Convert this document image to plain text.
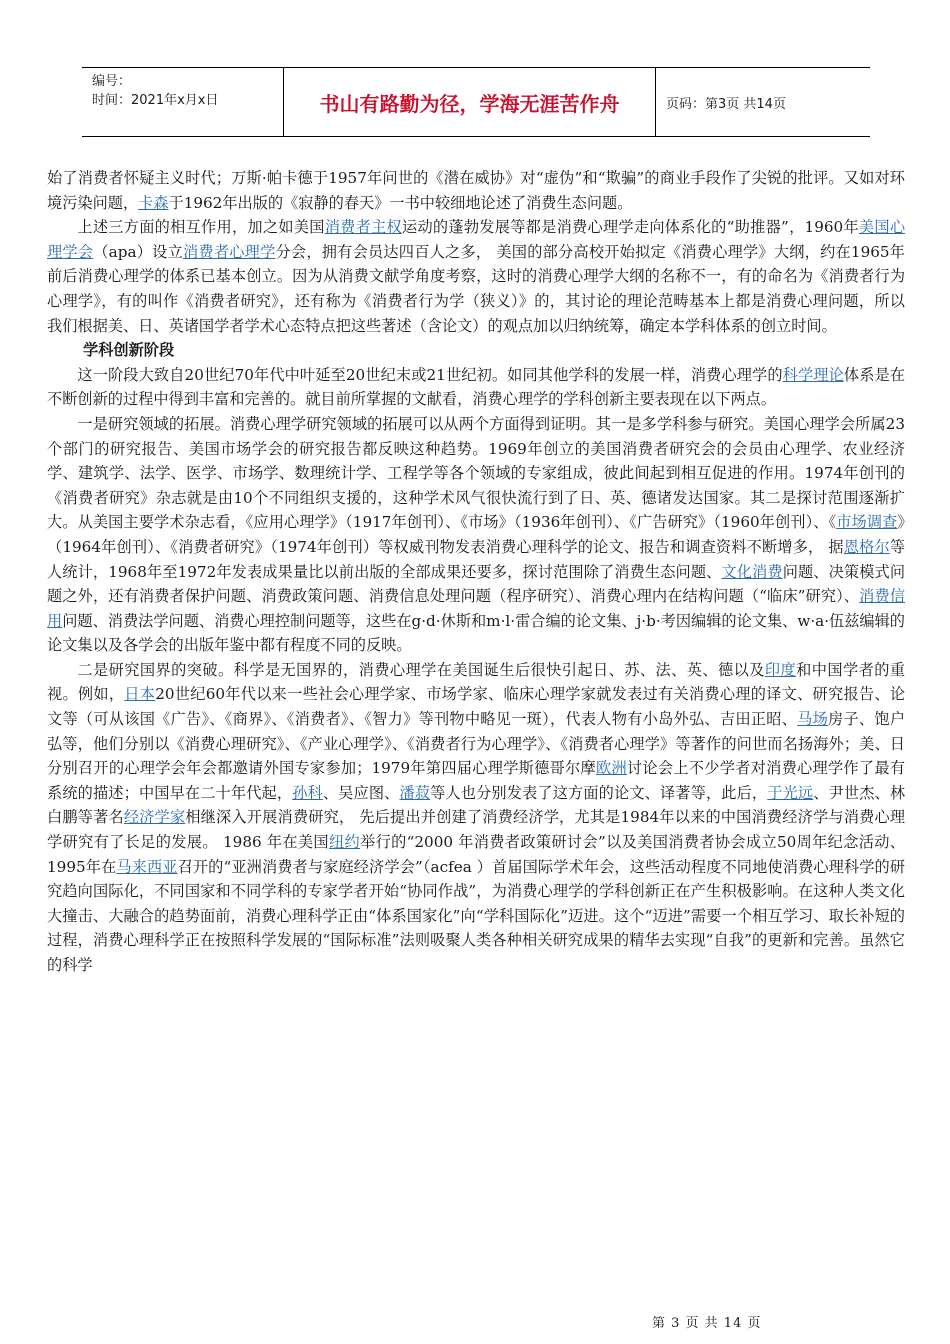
编号：
时间：2021年x月x日	书山有路勤为径，学海无涯苦作舟	页码：第3页 共14页

始了消费者怀疑主义时代；万斯·帕卡德于1957年问世的《潜在威协》对“虚伪”和“欺骗”的商业手段作了尖锐的批评。又如对环境污染问题，卡森于1962年出版的《寂静的春天》一书中较细地论述了消费生态问题。

上述三方面的相互作用，加之如美国消费者主权运动的蓬勃发展等都是消费心理学走向体系化的“助推器”，1960年美国心理学会（apa）设立消费者心理学分会，拥有会员达四百人之多， 美国的部分高校开始拟定《消费心理学》大纲，约在1965年前后消费心理学的体系已基本创立。因为从消费文献学角度考察，这时的消费心理学大纲的名称不一，有的命名为《消费者行为心理学》，有的叫作《消费者研究》，还有称为《消费者行为学（狭义）》的，其讨论的理论范畴基本上都是消费心理问题，所以我们根据美、日、英诸国学者学术心态特点把这些著述（含论文）的观点加以归纳统筹，确定本学科体系的创立时间。

学科创新阶段

这一阶段大致自20世纪70年代中叶延至20世纪末或21世纪初。如同其他学科的发展一样，消费心理学的科学理论体系是在不断创新的过程中得到丰富和完善的。就目前所掌握的文献看，消费心理学的学科创新主要表现在以下两点。

一是研究领域的拓展。消费心理学研究领域的拓展可以从两个方面得到证明。其一是多学科参与研究。美国心理学会所属23个部门的研究报告、美国市场学会的研究报告都反映这种趋势。1969年创立的美国消费者研究会的会员由心理学、农业经济学、建筑学、法学、医学、市场学、数理统计学、工程学等各个领域的专家组成，彼此间起到相互促进的作用。1974年创刊的《消费者研究》杂志就是由10个不同组织支援的，这种学术风气很快流行到了日、英、德诸发达国家。其二是探讨范围逐渐扩大。从美国主要学术杂志看，《应用心理学》（1917年创刊）、《市场》（1936年创刊）、《广告研究》（1960年创刊）、《市场调查》（1964年创刊）、《消费者研究》（1974年创刊）等权威刊物发表消费心理科学的论文、报告和调查资料不断增多， 据恩格尔等人统计，1968年至1972年发表成果量比以前出版的全部成果还要多，探讨范围除了消费生态问题、文化消费问题、决策模式问题之外，还有消费者保护问题、消费政策问题、消费信息处理问题（程序研究）、消费心理内在结构问题（“临床”研究）、消费信用问题、消费法学问题、消费心理控制问题等，这些在g·d·休斯和m·l·雷合编的论文集、j·b·考因编辑的论文集、w·a·伍兹编辑的论文集以及各学会的出版年鉴中都有程度不同的反映。

二是研究国界的突破。科学是无国界的，消费心理学在美国诞生后很快引起日、苏、法、英、德以及印度和中国学者的重视。例如，日本20世纪60年代以来一些社会心理学家、市场学家、临床心理学家就发表过有关消费心理的译文、研究报告、论文等（可从该国《广告》、《商界》、《消费者》、《智力》等刊物中略见一斑），代表人物有小岛外弘、吉田正昭、马场房子、饱户弘等，他们分别以《消费心理研究》、《产业心理学》、《消费者行为心理学》、《消费者心理学》等著作的问世而名扬海外；美、日分别召开的心理学会年会都邀请外国专家参加；1979年第四届心理学斯德哥尔摩欧洲讨论会上不少学者对消费心理学作了最有系统的描述；中国早在二十年代起，孙科、吴应图、潘菽等人也分别发表了这方面的论文、译著等，此后，于光远、尹世杰、林白鹏等著名经济学家相继深入开展消费研究， 先后提出并创建了消费经济学，尤其是1984年以来的中国消费经济学与消费心理学研究有了长足的发展。 1986 年在美国纽约举行的“2000 年消费者政策研讨会”以及美国消费者协会成立50周年纪念活动、1995年在马来西亚召开的“亚洲消费者与家庭经济学会”（acfea ）首届国际学术年会，这些活动程度不同地使消费心理科学的研究趋向国际化，不同国家和不同学科的专家学者开始“协同作战”，为消费心理学的学科创新正在产生积极影响。在这种人类文化大撞击、大融合的趋势面前，消费心理科学正由“体系国家化”向“学科国际化”迈进。这个“迈进”需要一个相互学习、取长补短的过程，消费心理科学正在按照科学发展的“国际标准”法则吸聚人类各种相关研究成果的精华去实现“自我”的更新和完善。虽然它的科学

第 3 页 共 14 页
